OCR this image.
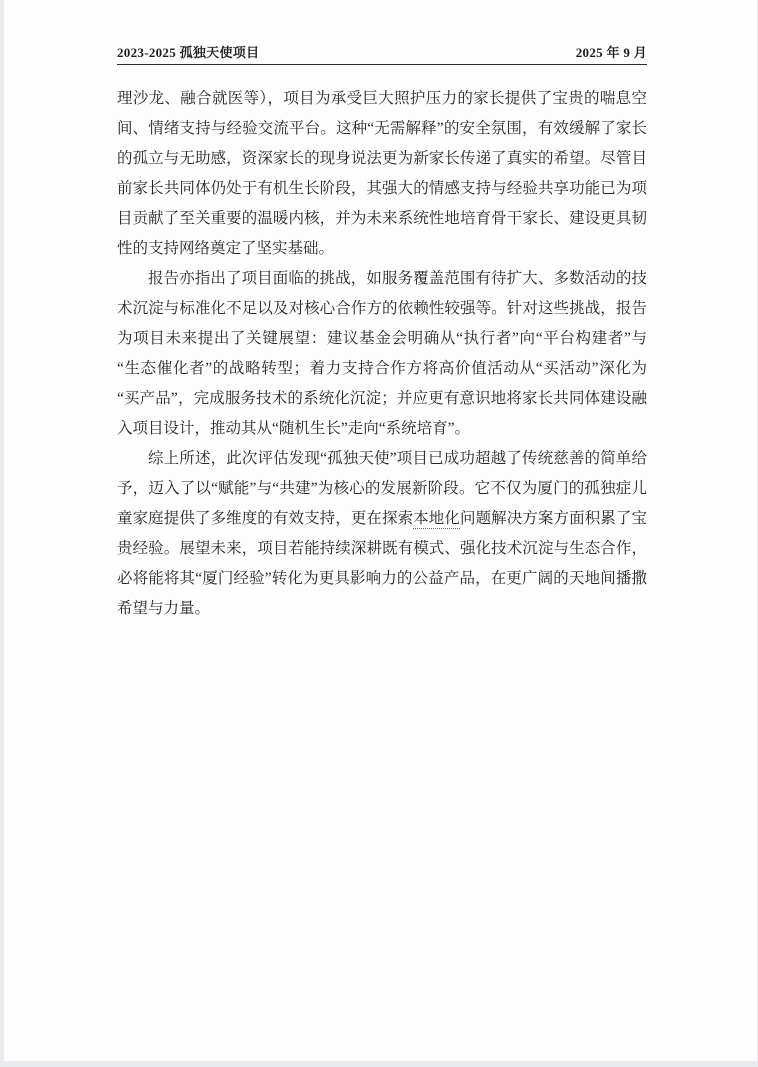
2023-2025 孤独天使项目	2025 年 9 月

理沙龙、融合就医等），项目为承受巨大照护压力的家长提供了宝贵的喘息空间、情绪支持与经验交流平台。这种“无需解释”的安全氛围，有效缓解了家长的孤立与无助感，资深家长的现身说法更为新家长传递了真实的希望。尽管目前家长共同体仍处于有机生长阶段，其强大的情感支持与经验共享功能已为项目贡献了至关重要的温暖内核，并为未来系统性地培育骨干家长、建设更具韧性的支持网络奠定了坚实基础。

报告亦指出了项目面临的挑战，如服务覆盖范围有待扩大、多数活动的技术沉淀与标准化不足以及对核心合作方的依赖性较强等。针对这些挑战，报告为项目未来提出了关键展望：建议基金会明确从“执行者”向“平台构建者”与“生态催化者”的战略转型；着力支持合作方将高价值活动从“买活动”深化为“买产品”，完成服务技术的系统化沉淀；并应更有意识地将家长共同体建设融入项目设计，推动其从“随机生长”走向“系统培育”。

综上所述，此次评估发现“孤独天使”项目已成功超越了传统慈善的简单给予，迈入了以“赋能”与“共建”为核心的发展新阶段。它不仅为厦门的孤独症儿童家庭提供了多维度的有效支持，更在探索本地化问题解决方案方面积累了宝贵经验。展望未来，项目若能持续深耕既有模式、强化技术沉淀与生态合作，必将能将其“厦门经验”转化为更具影响力的公益产品，在更广阔的天地间播撒希望与力量。
